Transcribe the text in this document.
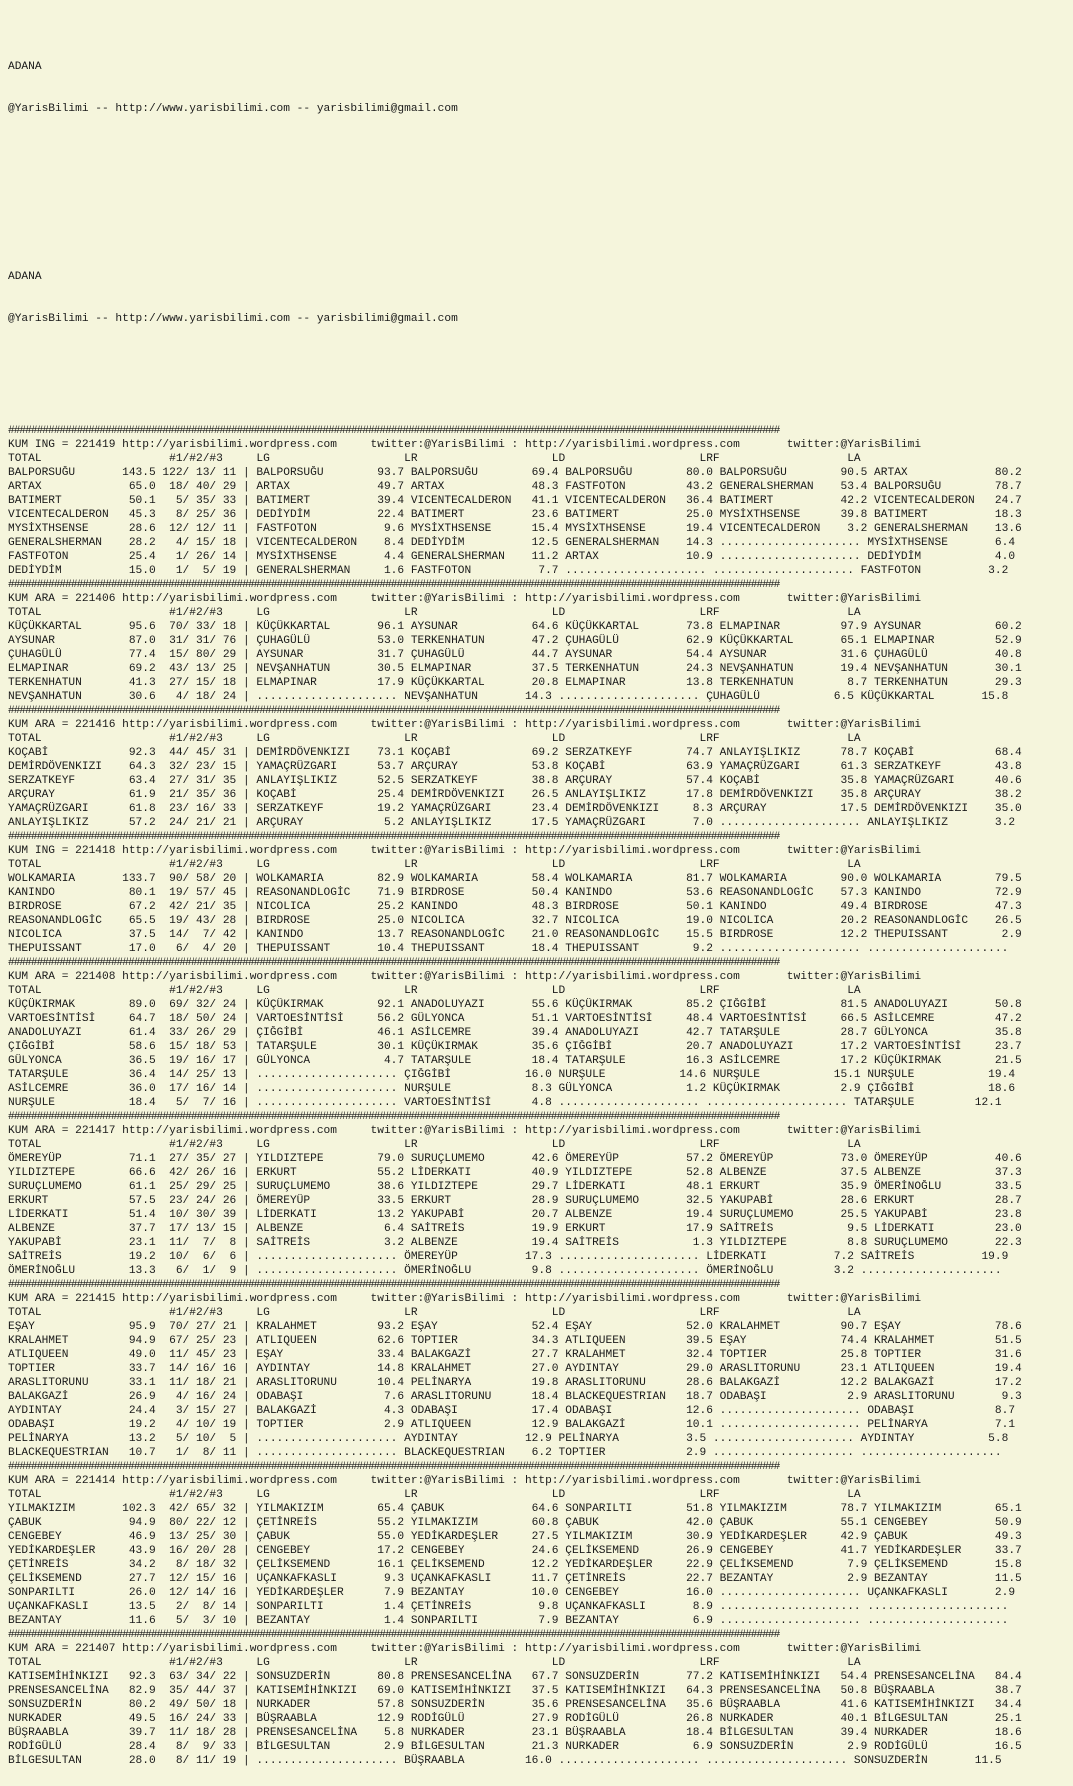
ADANA

@YarisBilimi -- http://www.yarisbilimi.com -- yarisbilimi@gmail.com

ADANA

@YarisBilimi -- http://www.yarisbilimi.com -- yarisbilimi@gmail.com

#######################################################################################################################################
KUM ING = 221419 http://yarisbilimi.wordpress.com     twitter:@YarisBilimi : http://yarisbilimi.wordpress.com       twitter:@YarisBilimi
TOTAL                   #1/#2/#3     LG                    LR                    LD                    LRF                   LA
BALPORSUĞU       143.5 122/ 13/ 11 | BALPORSUĞU        93.7 BALPORSUĞU        69.4 BALPORSUĞU        80.0 BALPORSUĞU        90.5 ARTAX             80.2
ARTAX             65.0  18/ 40/ 29 | ARTAX             49.7 ARTAX             48.3 FASTFOTON         43.2 GENERALSHERMAN    53.4 BALPORSUĞU        78.7
BATIMERT          50.1   5/ 35/ 33 | BATIMERT          39.4 VICENTECALDERON   41.1 VICENTECALDERON   36.4 BATIMERT          42.2 VICENTECALDERON   24.7
VICENTECALDERON   45.3   8/ 25/ 36 | DEDİYDİM          22.4 BATIMERT          23.6 BATIMERT          25.0 MYSİXTHSENSE      39.8 BATIMERT          18.3
MYSİXTHSENSE      28.6  12/ 12/ 11 | FASTFOTON          9.6 MYSİXTHSENSE      15.4 MYSİXTHSENSE      19.4 VICENTECALDERON    3.2 GENERALSHERMAN    13.6
GENERALSHERMAN    28.2   4/ 15/ 18 | VICENTECALDERON    8.4 DEDİYDİM          12.5 GENERALSHERMAN    14.3 ..................... MYSİXTHSENSE       6.4
FASTFOTON         25.4   1/ 26/ 14 | MYSİXTHSENSE       4.4 GENERALSHERMAN    11.2 ARTAX             10.9 ..................... DEDİYDİM           4.0
DEDİYDİM          15.0   1/  5/ 19 | GENERALSHERMAN     1.6 FASTFOTON          7.7 ..................... ..................... FASTFOTON          3.2
#######################################################################################################################################
KUM ARA = 221406 http://yarisbilimi.wordpress.com     twitter:@YarisBilimi : http://yarisbilimi.wordpress.com       twitter:@YarisBilimi
TOTAL                   #1/#2/#3     LG                    LR                    LD                    LRF                   LA
KÜÇÜKKARTAL       95.6  70/ 33/ 18 | KÜÇÜKKARTAL       96.1 AYSUNAR           64.6 KÜÇÜKKARTAL       73.8 ELMAPINAR         97.9 AYSUNAR           60.2
AYSUNAR           87.0  31/ 31/ 76 | ÇUHAGÜLÜ          53.0 TERKENHATUN       47.2 ÇUHAGÜLÜ          62.9 KÜÇÜKKARTAL       65.1 ELMAPINAR         52.9
ÇUHAGÜLÜ          77.4  15/ 80/ 29 | AYSUNAR           31.7 ÇUHAGÜLÜ          44.7 AYSUNAR           54.4 AYSUNAR           31.6 ÇUHAGÜLÜ          40.8
ELMAPINAR         69.2  43/ 13/ 25 | NEVŞANHATUN       30.5 ELMAPINAR         37.5 TERKENHATUN       24.3 NEVŞANHATUN       19.4 NEVŞANHATUN       30.1
TERKENHATUN       41.3  27/ 15/ 18 | ELMAPINAR         17.9 KÜÇÜKKARTAL       20.8 ELMAPINAR         13.8 TERKENHATUN        8.7 TERKENHATUN       29.3
NEVŞANHATUN       30.6   4/ 18/ 24 | ..................... NEVŞANHATUN       14.3 ..................... ÇUHAGÜLÜ           6.5 KÜÇÜKKARTAL       15.8
#######################################################################################################################################
KUM ARA = 221416 http://yarisbilimi.wordpress.com     twitter:@YarisBilimi : http://yarisbilimi.wordpress.com       twitter:@YarisBilimi
TOTAL                   #1/#2/#3     LG                    LR                    LD                    LRF                   LA
KOÇABİ            92.3  44/ 45/ 31 | DEMİRDÖVENKIZI    73.1 KOÇABİ            69.2 SERZATKEYF        74.7 ANLAYIŞLIKIZ      78.7 KOÇABİ            68.4
DEMİRDÖVENKIZI    64.3  32/ 23/ 15 | YAMAÇRÜZGARI      53.7 ARÇURAY           53.8 KOÇABİ            63.9 YAMAÇRÜZGARI      61.3 SERZATKEYF        43.8
SERZATKEYF        63.4  27/ 31/ 35 | ANLAYIŞLIKIZ      52.5 SERZATKEYF        38.8 ARÇURAY           57.4 KOÇABİ            35.8 YAMAÇRÜZGARI      40.6
ARÇURAY           61.9  21/ 35/ 36 | KOÇABİ            25.4 DEMİRDÖVENKIZI    26.5 ANLAYIŞLIKIZ      17.8 DEMİRDÖVENKIZI    35.8 ARÇURAY           38.2
YAMAÇRÜZGARI      61.8  23/ 16/ 33 | SERZATKEYF        19.2 YAMAÇRÜZGARI      23.4 DEMİRDÖVENKIZI     8.3 ARÇURAY           17.5 DEMİRDÖVENKIZI    35.0
ANLAYIŞLIKIZ      57.2  24/ 21/ 21 | ARÇURAY            5.2 ANLAYIŞLIKIZ      17.5 YAMAÇRÜZGARI       7.0 ..................... ANLAYIŞLIKIZ       3.2
#######################################################################################################################################
KUM ING = 221418 http://yarisbilimi.wordpress.com     twitter:@YarisBilimi : http://yarisbilimi.wordpress.com       twitter:@YarisBilimi
TOTAL                   #1/#2/#3     LG                    LR                    LD                    LRF                   LA
WOLKAMARIA       133.7  90/ 58/ 20 | WOLKAMARIA        82.9 WOLKAMARIA        58.4 WOLKAMARIA        81.7 WOLKAMARIA        90.0 WOLKAMARIA        79.5
KANINDO           80.1  19/ 57/ 45 | REASONANDLOGİC    71.9 BIRDROSE          50.4 KANINDO           53.6 REASONANDLOGİC    57.3 KANINDO           72.9
BIRDROSE          67.2  42/ 21/ 35 | NICOLICA          25.2 KANINDO           48.3 BIRDROSE          50.1 KANINDO           49.4 BIRDROSE          47.3
REASONANDLOGİC    65.5  19/ 43/ 28 | BIRDROSE          25.0 NICOLICA          32.7 NICOLICA          19.0 NICOLICA          20.2 REASONANDLOGİC    26.5
NICOLICA          37.5  14/  7/ 42 | KANINDO           13.7 REASONANDLOGİC    21.0 REASONANDLOGİC    15.5 BIRDROSE          12.2 THEPUISSANT        2.9
THEPUISSANT       17.0   6/  4/ 20 | THEPUISSANT       10.4 THEPUISSANT       18.4 THEPUISSANT        9.2 ..................... .....................
#######################################################################################################################################
KUM ARA = 221408 http://yarisbilimi.wordpress.com     twitter:@YarisBilimi : http://yarisbilimi.wordpress.com       twitter:@YarisBilimi
TOTAL                   #1/#2/#3     LG                    LR                    LD                    LRF                   LA
KÜÇÜKIRMAK        89.0  69/ 32/ 24 | KÜÇÜKIRMAK        92.1 ANADOLUYAZI       55.6 KÜÇÜKIRMAK        85.2 ÇIĞGİBİ           81.5 ANADOLUYAZI       50.8
VARTOESİNTİSİ     64.7  18/ 50/ 24 | VARTOESİNTİSİ     56.2 GÜLYONCA          51.1 VARTOESİNTİSİ     48.4 VARTOESİNTİSİ     66.5 ASİLCEMRE         47.2
ANADOLUYAZI       61.4  33/ 26/ 29 | ÇIĞGİBİ           46.1 ASİLCEMRE         39.4 ANADOLUYAZI       42.7 TATARŞULE         28.7 GÜLYONCA          35.8
ÇIĞGİBİ           58.6  15/ 18/ 53 | TATARŞULE         30.1 KÜÇÜKIRMAK        35.6 ÇIĞGİBİ           20.7 ANADOLUYAZI       17.2 VARTOESİNTİSİ     23.7
GÜLYONCA          36.5  19/ 16/ 17 | GÜLYONCA           4.7 TATARŞULE         18.4 TATARŞULE         16.3 ASİLCEMRE         17.2 KÜÇÜKIRMAK        21.5
TATARŞULE         36.4  14/ 25/ 13 | ..................... ÇIĞGİBİ           16.0 NURŞULE           14.6 NURŞULE           15.1 NURŞULE           19.4
ASİLCEMRE         36.0  17/ 16/ 14 | ..................... NURŞULE            8.3 GÜLYONCA           1.2 KÜÇÜKIRMAK         2.9 ÇIĞGİBİ           18.6
NURŞULE           18.4   5/  7/ 16 | ..................... VARTOESİNTİSİ      4.8 ..................... ..................... TATARŞULE         12.1
#######################################################################################################################################
KUM ARA = 221417 http://yarisbilimi.wordpress.com     twitter:@YarisBilimi : http://yarisbilimi.wordpress.com       twitter:@YarisBilimi
TOTAL                   #1/#2/#3     LG                    LR                    LD                    LRF                   LA
ÖMEREYÜP          71.1  27/ 35/ 27 | YILDIZTEPE        79.0 SURUÇLUMEMO       42.6 ÖMEREYÜP          57.2 ÖMEREYÜP          73.0 ÖMEREYÜP          40.6
YILDIZTEPE        66.6  42/ 26/ 16 | ERKURT            55.2 LİDERKATI         40.9 YILDIZTEPE        52.8 ALBENZE           37.5 ALBENZE           37.3
SURUÇLUMEMO       61.1  25/ 29/ 25 | SURUÇLUMEMO       38.6 YILDIZTEPE        29.7 LİDERKATI         48.1 ERKURT            35.9 ÖMERİNOĞLU        33.5
ERKURT            57.5  23/ 24/ 26 | ÖMEREYÜP          33.5 ERKURT            28.9 SURUÇLUMEMO       32.5 YAKUPABİ          28.6 ERKURT            28.7
LİDERKATI         51.4  10/ 30/ 39 | LİDERKATI         13.2 YAKUPABİ          20.7 ALBENZE           19.4 SURUÇLUMEMO       25.5 YAKUPABİ          23.8
ALBENZE           37.7  17/ 13/ 15 | ALBENZE            6.4 SAİTREİS          19.9 ERKURT            17.9 SAİTREİS           9.5 LİDERKATI         23.0
YAKUPABİ          23.1  11/  7/  8 | SAİTREİS           3.2 ALBENZE           19.4 SAİTREİS           1.3 YILDIZTEPE         8.8 SURUÇLUMEMO       22.3
SAİTREİS          19.2  10/  6/  6 | ..................... ÖMEREYÜP          17.3 ..................... LİDERKATI          7.2 SAİTREİS          19.9
ÖMERİNOĞLU        13.3   6/  1/  9 | ..................... ÖMERİNOĞLU         9.8 ..................... ÖMERİNOĞLU         3.2 .....................
#######################################################################################################################################
KUM ARA = 221415 http://yarisbilimi.wordpress.com     twitter:@YarisBilimi : http://yarisbilimi.wordpress.com       twitter:@YarisBilimi
TOTAL                   #1/#2/#3     LG                    LR                    LD                    LRF                   LA
EŞAY              95.9  70/ 27/ 21 | KRALAHMET         93.2 EŞAY              52.4 EŞAY              52.0 KRALAHMET         90.7 EŞAY              78.6
KRALAHMET         94.9  67/ 25/ 23 | ATLIQUEEN         62.6 TOPTIER           34.3 ATLIQUEEN         39.5 EŞAY              74.4 KRALAHMET         51.5
ATLIQUEEN         49.0  11/ 45/ 23 | EŞAY              33.4 BALAKGAZİ         27.7 KRALAHMET         32.4 TOPTIER           25.8 TOPTIER           31.6
TOPTIER           33.7  14/ 16/ 16 | AYDINTAY          14.8 KRALAHMET         27.0 AYDINTAY          29.0 ARASLITORUNU      23.1 ATLIQUEEN         19.4
ARASLITORUNU      33.1  11/ 18/ 21 | ARASLITORUNU      10.4 PELİNARYA         19.8 ARASLITORUNU      28.6 BALAKGAZİ         12.2 BALAKGAZİ         17.2
BALAKGAZİ         26.9   4/ 16/ 24 | ODABAŞI            7.6 ARASLITORUNU      18.4 BLACKEQUESTRIAN   18.7 ODABAŞI            2.9 ARASLITORUNU       9.3
AYDINTAY          24.4   3/ 15/ 27 | BALAKGAZİ          4.3 ODABAŞI           17.4 ODABAŞI           12.6 ..................... ODABAŞI            8.7
ODABAŞI           19.2   4/ 10/ 19 | TOPTIER            2.9 ATLIQUEEN         12.9 BALAKGAZİ         10.1 ..................... PELİNARYA          7.1
PELİNARYA         13.2   5/ 10/  5 | ..................... AYDINTAY          12.9 PELİNARYA          3.5 ..................... AYDINTAY           5.8
BLACKEQUESTRIAN   10.7   1/  8/ 11 | ..................... BLACKEQUESTRIAN    6.2 TOPTIER            2.9 ..................... .....................
#######################################################################################################################################
KUM ARA = 221414 http://yarisbilimi.wordpress.com     twitter:@YarisBilimi : http://yarisbilimi.wordpress.com       twitter:@YarisBilimi
TOTAL                   #1/#2/#3     LG                    LR                    LD                    LRF                   LA
YILMAKIZIM       102.3  42/ 65/ 32 | YILMAKIZIM        65.4 ÇABUK             64.6 SONPARILTI        51.8 YILMAKIZIM        78.7 YILMAKIZIM        65.1
ÇABUK             94.9  80/ 22/ 12 | ÇETİNREİS         55.2 YILMAKIZIM        60.8 ÇABUK             42.0 ÇABUK             55.1 CENGEBEY          50.9
CENGEBEY          46.9  13/ 25/ 30 | ÇABUK             55.0 YEDİKARDEŞLER     27.5 YILMAKIZIM        30.9 YEDİKARDEŞLER     42.9 ÇABUK             49.3
YEDİKARDEŞLER     43.9  16/ 20/ 28 | CENGEBEY          17.2 CENGEBEY          24.6 ÇELİKSEMEND       26.9 CENGEBEY          41.7 YEDİKARDEŞLER     33.7
ÇETİNREİS         34.2   8/ 18/ 32 | ÇELİKSEMEND       16.1 ÇELİKSEMEND       12.2 YEDİKARDEŞLER     22.9 ÇELİKSEMEND        7.9 ÇELİKSEMEND       15.8
ÇELİKSEMEND       27.7  12/ 15/ 16 | UÇANKAFKASLI       9.3 UÇANKAFKASLI      11.7 ÇETİNREİS         22.7 BEZANTAY           2.9 BEZANTAY          11.5
SONPARILTI        26.0  12/ 14/ 16 | YEDİKARDEŞLER      7.9 BEZANTAY          10.0 CENGEBEY          16.0 ..................... UÇANKAFKASLI       2.9
UÇANKAFKASLI      13.5   2/  8/ 14 | SONPARILTI         1.4 ÇETİNREİS          9.8 UÇANKAFKASLI       8.9 ..................... .....................
BEZANTAY          11.6   5/  3/ 10 | BEZANTAY           1.4 SONPARILTI         7.9 BEZANTAY           6.9 ..................... .....................
#######################################################################################################################################
KUM ARA = 221407 http://yarisbilimi.wordpress.com     twitter:@YarisBilimi : http://yarisbilimi.wordpress.com       twitter:@YarisBilimi
TOTAL                   #1/#2/#3     LG                    LR                    LD                    LRF                   LA
KATISEMİHİNKIZI   92.3  63/ 34/ 22 | SONSUZDERİN       80.8 PRENSESANCELİNA   67.7 SONSUZDERİN       77.2 KATISEMİHİNKIZI   54.4 PRENSESANCELİNA   84.4
PRENSESANCELİNA   82.9  35/ 44/ 37 | KATISEMİHİNKIZI   69.0 KATISEMİHİNKIZI   37.5 KATISEMİHİNKIZI   64.3 PRENSESANCELİNA   50.8 BÜŞRAABLA         38.7
SONSUZDERİN       80.2  49/ 50/ 18 | NURKADER          57.8 SONSUZDERİN       35.6 PRENSESANCELİNA   35.6 BÜŞRAABLA         41.6 KATISEMİHİNKIZI   34.4
NURKADER          49.5  16/ 24/ 33 | BÜŞRAABLA         12.9 RODİGÜLÜ          27.9 RODİGÜLÜ          26.8 NURKADER          40.1 BİLGESULTAN       25.1
BÜŞRAABLA         39.7  11/ 18/ 28 | PRENSESANCELİNA    5.8 NURKADER          23.1 BÜŞRAABLA         18.4 BİLGESULTAN       39.4 NURKADER          18.6
RODİGÜLÜ          28.4   8/  9/ 33 | BİLGESULTAN        2.9 BİLGESULTAN       21.3 NURKADER           6.9 SONSUZDERİN        2.9 RODİGÜLÜ          16.5
BİLGESULTAN       28.0   8/ 11/ 19 | ..................... BÜŞRAABLA         16.0 ..................... ..................... SONSUZDERİN       11.5
